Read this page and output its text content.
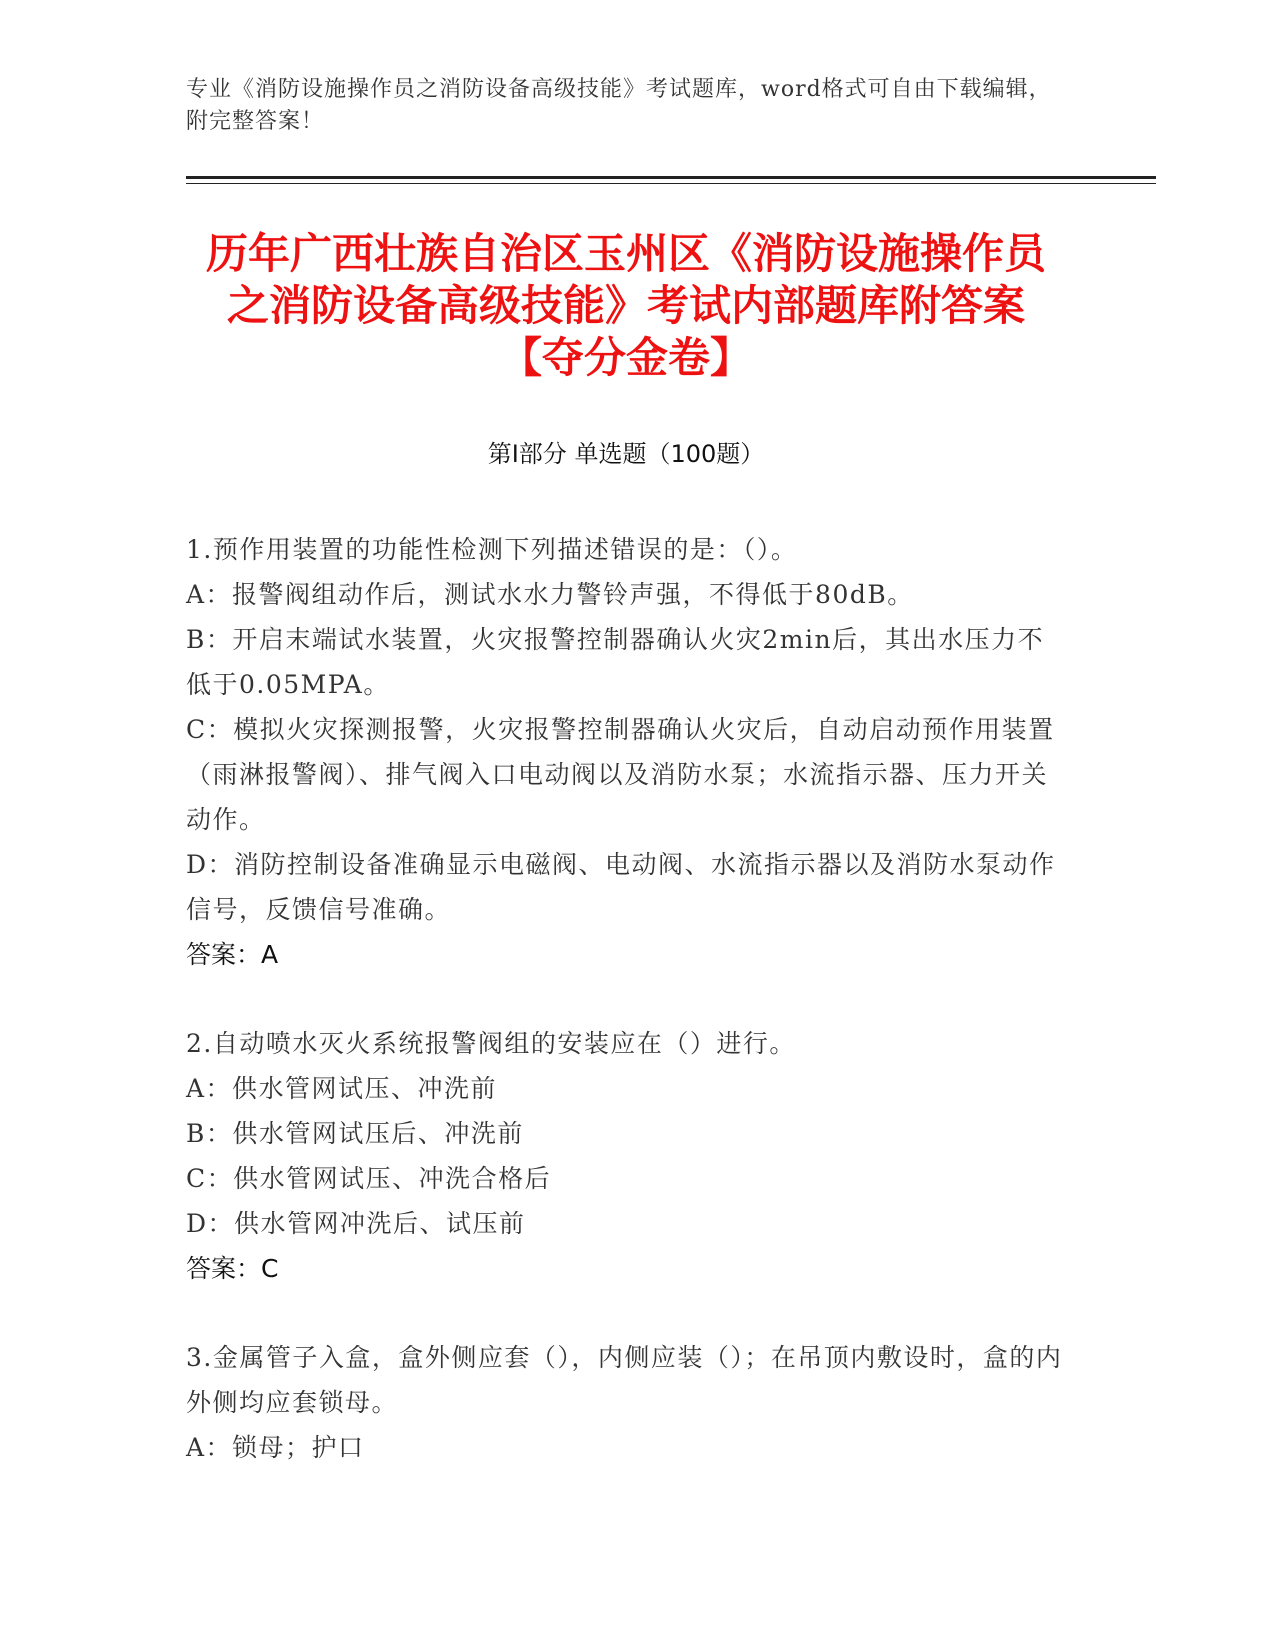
专业《消防设施操作员之消防设备高级技能》考试题库，word格式可自由下载编辑，附完整答案！
历年广西壮族自治区玉州区《消防设施操作员之消防设备高级技能》考试内部题库附答案【夺分金卷】
第Ⅰ部分 单选题（100题）
1.预作用装置的功能性检测下列描述错误的是：（）。
A：报警阀组动作后，测试水水力警铃声强，不得低于80dB。
B：开启末端试水装置，火灾报警控制器确认火灾2min后，其出水压力不低于0.05MPA。
C：模拟火灾探测报警，火灾报警控制器确认火灾后，自动启动预作用装置（雨淋报警阀）、排气阀入口电动阀以及消防水泵；水流指示器、压力开关动作。
D：消防控制设备准确显示电磁阀、电动阀、水流指示器以及消防水泵动作信号，反馈信号准确。
答案：A
2.自动喷水灭火系统报警阀组的安装应在（）进行。
A：供水管网试压、冲洗前
B：供水管网试压后、冲洗前
C：供水管网试压、冲洗合格后
D：供水管网冲洗后、试压前
答案：C
3.金属管子入盒，盒外侧应套（），内侧应装（）；在吊顶内敷设时，盒的内外侧均应套锁母。
A：锁母；护口
